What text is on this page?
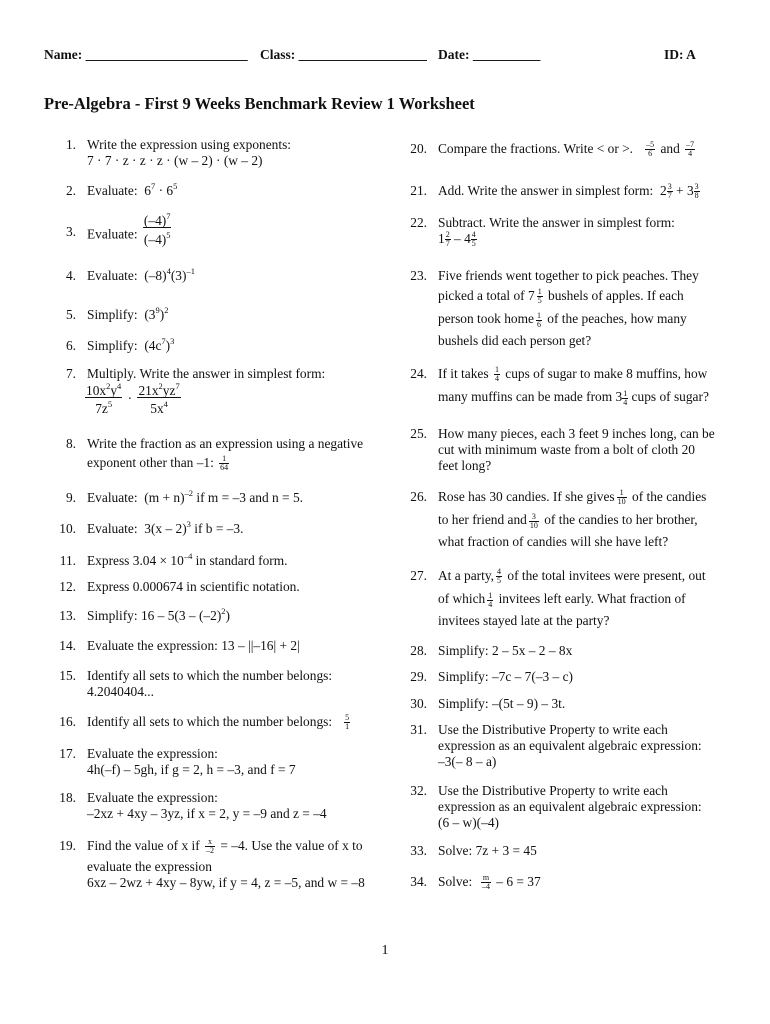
Name: ________________________ Class: ___________________ Date: __________	ID: A
Pre-Algebra - First 9 Weeks Benchmark Review 1 Worksheet
1. Write the expression using exponents:
7 · 7 · z · z · z · (w – 2) · (w – 2)
2. Evaluate: $6^7 \cdot 6^5$
3. Evaluate: $\frac{(-4)^7}{(-4)^5}$
4. Evaluate: $(-8)^4(3)^{-1}$
5. Simplify: $(3^9)^2$
6. Simplify: $(4c^7)^3$
7. Multiply. Write the answer in simplest form:
$\frac{10x^2y^4}{7z^5} \cdot \frac{21x^2yz^7}{5x^4}$
8. Write the fraction as an expression using a negative
exponent other than –1: $\frac{1}{64}$
9. Evaluate: $(m + n)^{-2}$ if m = –3 and n = 5.
10. Evaluate: 3(x – 2)$^3$ if b = –3.
11. Express $3.04 \times 10^{-4}$ in standard form.
12. Express 0.000674 in scientific notation.
13. Simplify: $16 - 5(3 - (-2)^2)$
14. Evaluate the expression: 13 – ||–16| + 2|
15. Identify all sets to which the number belongs:
4.2040404...
16. Identify all sets to which the number belongs: $\frac{5}{1}$
17. Evaluate the expression:
4h(–f) – 5gh, if g = 2, h = –3, and f = 7
18. Evaluate the expression:
–2xz + 4xy – 3yz, if x = 2, y = –9 and z = –4
19. Find the value of x if $\frac{x}{-2} = -4$. Use the value of x to
evaluate the expression
6xz – 2wz + 4xy – 8yw, if y = 4, z = –5, and w = –8
20. Compare the fractions. Write < or >. $\frac{-5}{6}$ and $\frac{-7}{4}$
21. Add. Write the answer in simplest form: $2 \frac{3}{7} + 3 \frac{3}{8}$
22. Subtract. Write the answer in simplest form:
$1 \frac{2}{7} - 4 \frac{4}{5}$
23. Five friends went together to pick peaches. They
picked a total of $7 \frac{1}{5}$ bushels of apples. If each
person took home $\frac{1}{6}$ of the peaches, how many
bushels did each person get?
24. If it takes $\frac{1}{4}$ cups of sugar to make 8 muffins, how
many muffins can be made from $3 \frac{1}{4}$ cups of sugar?
25. How many pieces, each 3 feet 9 inches long, can be
cut with minimum waste from a bolt of cloth 20
feet long?
26. Rose has 30 candies. If she gives $\frac{1}{10}$ of the candies
to her friend and $\frac{3}{10}$ of the candies to her brother,
what fraction of candies will she have left?
27. At a party, $\frac{4}{5}$ of the total invitees were present, out
of which $\frac{1}{4}$ invitees left early. What fraction of
invitees stayed late at the party?
28. Simplify: 2 – 5x – 2 – 8x
29. Simplify: –7c – 7(–3 – c)
30. Simplify: –(5t – 9) – 3t.
31. Use the Distributive Property to write each
expression as an equivalent algebraic expression:
–3(– 8 – a)
32. Use the Distributive Property to write each
expression as an equivalent algebraic expression:
(6 – w)(–4)
33. Solve: 7z + 3 = 45
34. Solve: $\frac{m}{-4} - 6 = 37$
1
